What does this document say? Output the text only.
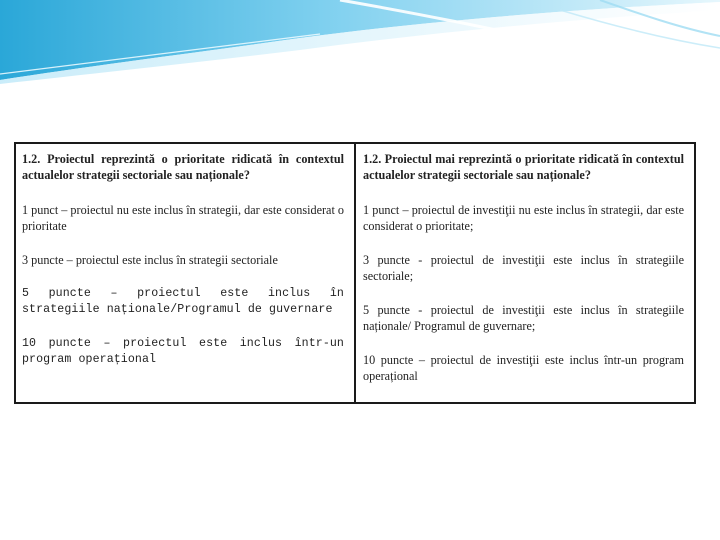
1.2. Proiectul reprezintă o prioritate ridicată în contextul actualelor strategii sectoriale sau naționale?

1 punct – proiectul nu este inclus în strategii, dar este considerat o prioritate

3 puncte – proiectul este inclus în strategii sectoriale

5 puncte – proiectul este inclus în strategiile naționale/Programul de guvernare

10 puncte – proiectul este inclus într-un program operațional

1.2. Proiectul mai reprezintă o prioritate ridicată în contextul actualelor strategii sectoriale sau naționale?

1 punct – proiectul de investiţii nu este inclus în strategii, dar este considerat o prioritate;

3 puncte - proiectul de investiţii este inclus în strategiile sectoriale;

5 puncte - proiectul de investiţii este inclus în strategiile naționale/ Programul de guvernare;

10 puncte – proiectul de investiţii este inclus într-un program operațional
